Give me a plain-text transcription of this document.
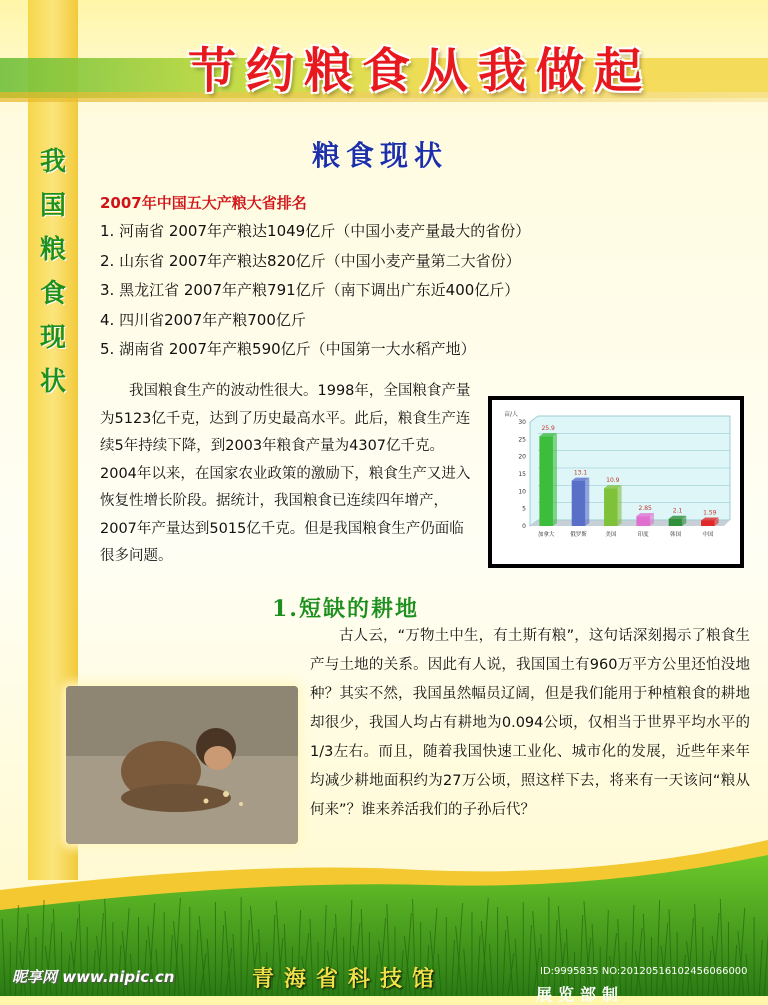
节约粮食从我做起
粮食现状
我
国
粮
食
现
状
2007年中国五大产粮大省排名
1. 河南省 2007年产粮达1049亿斤（中国小麦产量最大的省份）
2. 山东省 2007年产粮达820亿斤（中国小麦产量第二大省份）
3. 黑龙江省 2007年产粮791亿斤（南下调出广东近400亿斤）
4. 四川省2007年产粮700亿斤
5. 湖南省 2007年产粮590亿斤（中国第一大水稻产地）

我国粮食生产的波动性很大。1998年，全国粮食产量为5123亿千克，达到了历史最高水平。此后，粮食生产连续5年持续下降，到2003年粮食产量为4307亿千克。2004年以来，在国家农业政策的激励下，粮食生产又进入恢复性增长阶段。据统计，我国粮食已连续四年增产，2007年产量达到5015亿千克。但是我国粮食生产仍面临很多问题。

0
5
10
15
20
25
30
亩/人
25.9
加拿大
13.1
俄罗斯
10.9
美国
2.85
印度
2.1
韩国
1.59
中国
1.短缺的耕地

古人云，“万物土中生，有土斯有粮”，这句话深刻揭示了粮食生产与土地的关系。因此有人说，我国国土有960万平方公里还怕没地种？其实不然，我国虽然幅员辽阔，但是我们能用于种植粮食的耕地却很少，我国人均占有耕地为0.094公顷，仅相当于世界平均水平的1/3左右。而且，随着我国快速工业化、城市化的发展，近些年来年均减少耕地面积约为27万公顷，照这样下去，将来有一天该问“粮从何来”？谁来养活我们的子孙后代？

昵享网 www.nipic.cn	青海省科技馆	ID:9995835 NO:20120516102456066000
展览部制
